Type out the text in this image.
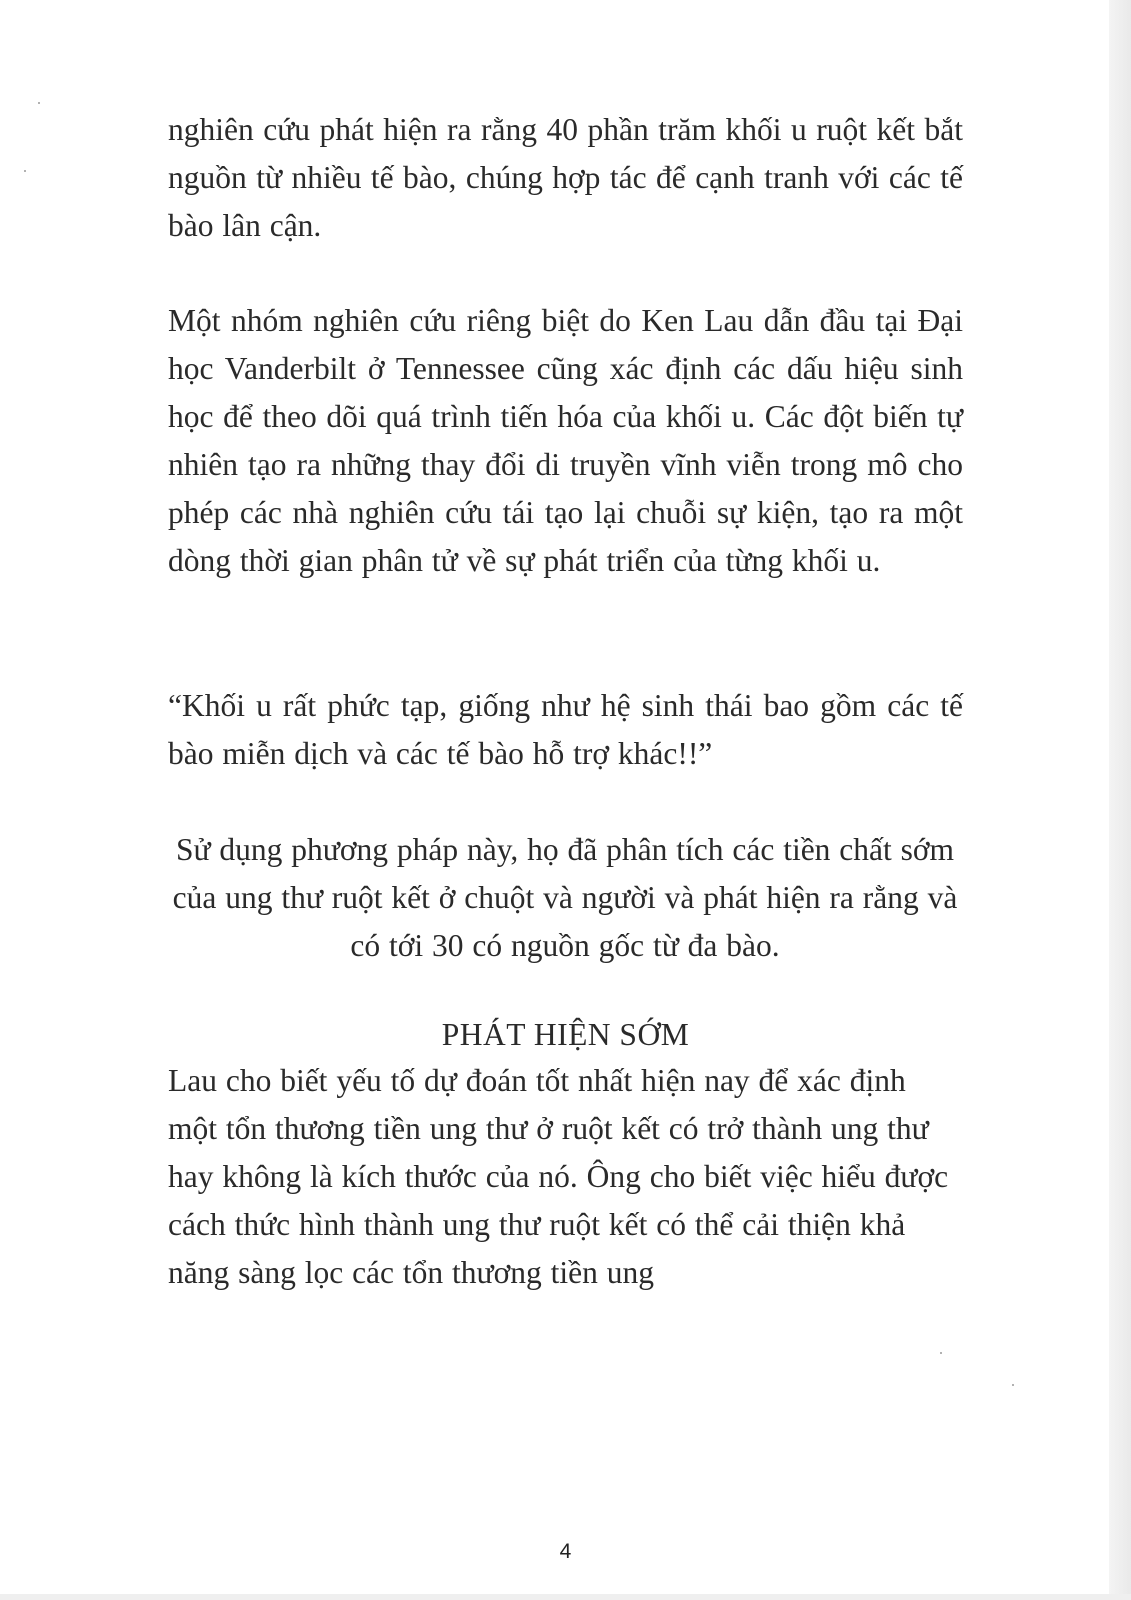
nghiên cứu phát hiện ra rằng 40 phần trăm khối u ruột kết bắt nguồn từ nhiều tế bào, chúng hợp tác để cạnh tranh với các tế bào lân cận.

Một nhóm nghiên cứu riêng biệt do Ken Lau dẫn đầu tại Đại học Vanderbilt ở Tennessee cũng xác định các dấu hiệu sinh học để theo dõi quá trình tiến hóa của khối u. Các đột biến tự nhiên tạo ra những thay đổi di truyền vĩnh viễn trong mô cho phép các nhà nghiên cứu tái tạo lại chuỗi sự kiện, tạo ra một dòng thời gian phân tử về sự phát triển của từng khối u.

“Khối u rất phức tạp, giống như hệ sinh thái bao gồm các tế bào miễn dịch và các tế bào hỗ trợ khác!!”

Sử dụng phương pháp này, họ đã phân tích các tiền chất sớm của ung thư ruột kết ở chuột và người và phát hiện ra rằng và có tới 30 có nguồn gốc từ đa bào.

PHÁT HIỆN SỚM

Lau cho biết yếu tố dự đoán tốt nhất hiện nay để xác định một tổn thương tiền ung thư ở ruột kết có trở thành ung thư hay không là kích thước của nó. Ông cho biết việc hiểu được cách thức hình thành ung thư ruột kết có thể cải thiện khả năng sàng lọc các tổn thương tiền ung

4
